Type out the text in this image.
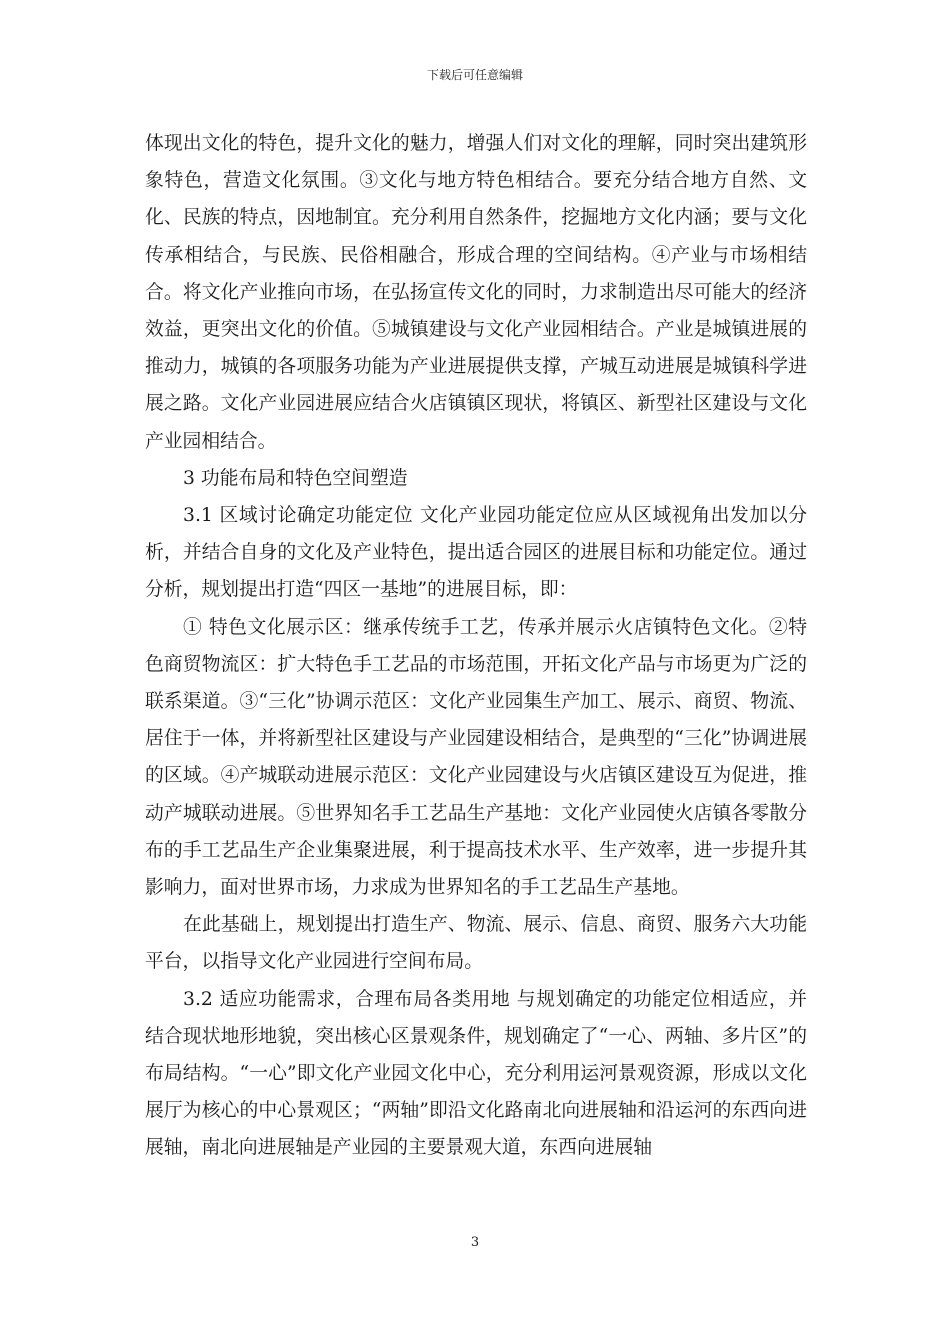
下载后可任意编辑

体现出文化的特色，提升文化的魅力，增强人们对文化的理解，同时突出建筑形象特色，营造文化氛围。③文化与地方特色相结合。要充分结合地方自然、文化、民族的特点，因地制宜。充分利用自然条件，挖掘地方文化内涵；要与文化传承相结合，与民族、民俗相融合，形成合理的空间结构。④产业与市场相结合。将文化产业推向市场，在弘扬宣传文化的同时，力求制造出尽可能大的经济效益，更突出文化的价值。⑤城镇建设与文化产业园相结合。产业是城镇进展的推动力，城镇的各项服务功能为产业进展提供支撑，产城互动进展是城镇科学进展之路。文化产业园进展应结合火店镇镇区现状，将镇区、新型社区建设与文化产业园相结合。

3 功能布局和特色空间塑造

3.1 区域讨论确定功能定位 文化产业园功能定位应从区域视角出发加以分析，并结合自身的文化及产业特色，提出适合园区的进展目标和功能定位。通过分析，规划提出打造“四区一基地”的进展目标，即：

① 特色文化展示区：继承传统手工艺，传承并展示火店镇特色文化。②特色商贸物流区：扩大特色手工艺品的市场范围，开拓文化产品与市场更为广泛的联系渠道。③“三化”协调示范区：文化产业园集生产加工、展示、商贸、物流、居住于一体，并将新型社区建设与产业园建设相结合，是典型的“三化”协调进展的区域。④产城联动进展示范区：文化产业园建设与火店镇区建设互为促进，推动产城联动进展。⑤世界知名手工艺品生产基地：文化产业园使火店镇各零散分布的手工艺品生产企业集聚进展，利于提高技术水平、生产效率，进一步提升其影响力，面对世界市场，力求成为世界知名的手工艺品生产基地。

在此基础上，规划提出打造生产、物流、展示、信息、商贸、服务六大功能平台，以指导文化产业园进行空间布局。

3.2 适应功能需求，合理布局各类用地 与规划确定的功能定位相适应，并结合现状地形地貌，突出核心区景观条件，规划确定了“一心、两轴、多片区”的布局结构。“一心”即文化产业园文化中心，充分利用运河景观资源，形成以文化展厅为核心的中心景观区；“两轴”即沿文化路南北向进展轴和沿运河的东西向进展轴，南北向进展轴是产业园的主要景观大道，东西向进展轴

3
